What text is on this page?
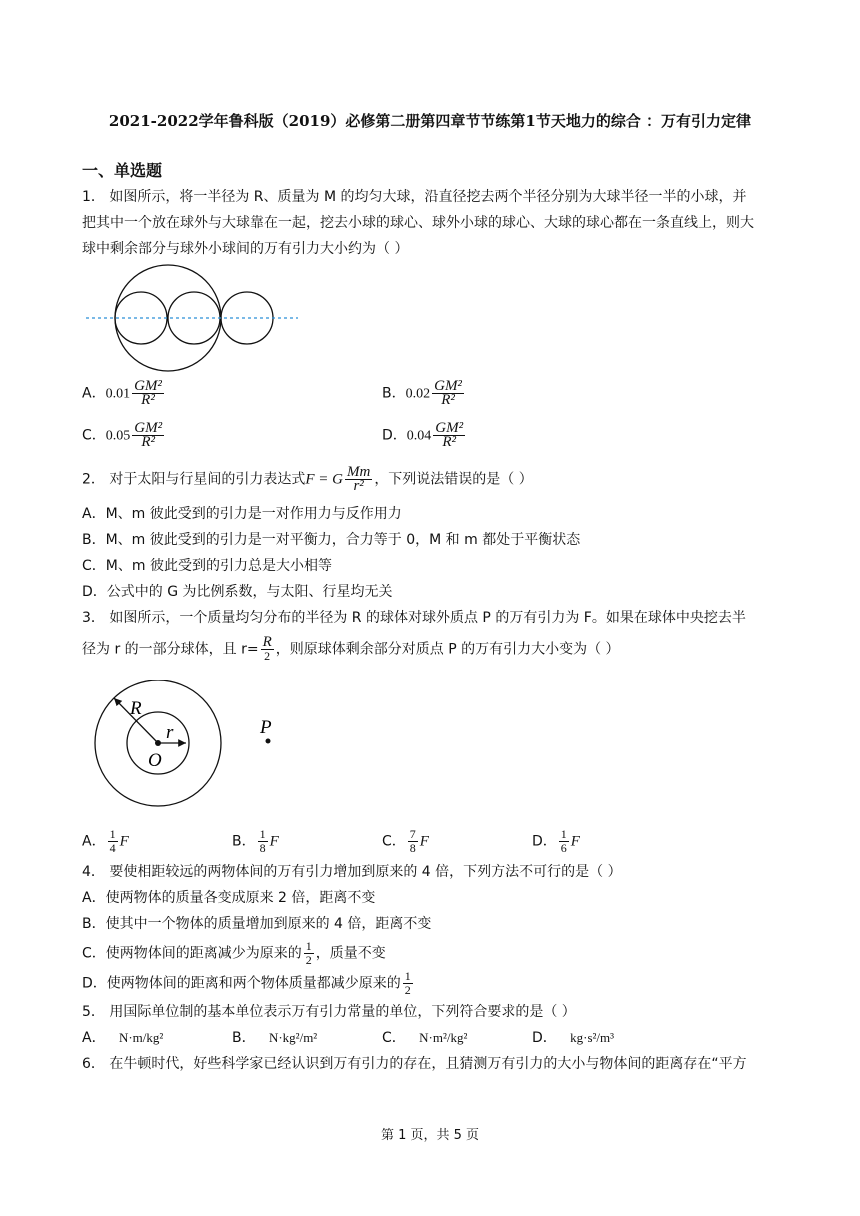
2021-2022学年鲁科版（2019）必修第二册第四章节节练第1节天地力的综合 ：万有引力定律
一、单选题
1． 如图所示，将一半径为 R、质量为 M 的均匀大球，沿直径挖去两个半径分别为大球半径一半的小球，并
把其中一个放在球外与大球靠在一起，挖去小球的球心、球外小球的球心、大球的球心都在一条直线上，则大
球中剩余部分与球外小球间的万有引力大小约为（ ）
A．$0.01 \frac{\text{GM²}}{\text{R²}}$	B．$0.02 \frac{\text{GM²}}{\text{R²}}$
C．$0.05 \frac{\text{GM²}}{\text{R²}}$	D．$0.04 \frac{\text{GM²}}{\text{R²}}$
2． 对于太阳与行星间的引力表达式F = G $\frac{Mm}{\text{r²}}$ ，下列说法错误的是（ ）
A．M、m 彼此受到的引力是一对作用力与反作用力
B．M、m 彼此受到的引力是一对平衡力，合力等于 0，M 和 m 都处于平衡状态
C．M、m 彼此受到的引力总是大小相等
D．公式中的 G 为比例系数，与太阳、行星均无关
3． 如图所示，一个质量均匀分布的半径为 R 的球体对球外质点 P 的万有引力为 F。如果在球体中央挖去半
径为 r 的一部分球体，且 $r= \frac{R}{2}$ ，则原球体剩余部分对质点 P 的万有引力大小变为（ ）
R
r
O
P
A． $\frac{1}{4}$ F	B． $\frac{1}{8}$ F	C． $\frac{7}{8}$ F	D． $\frac{1}{6}$ F
4． 要使相距较远的两物体间的万有引力增加到原来的 4 倍，下列方法不可行的是（ ）
A．使两物体的质量各变成原来 2 倍，距离不变
B．使其中一个物体的质量增加到原来的 4 倍，距离不变
C．使两物体间的距离减少为原来的 $\frac{1}{2}$ ，质量不变
D．使两物体间的距离和两个物体质量都减少原来的 $\frac{1}{2}$
5． 用国际单位制的基本单位表示万有引力常量的单位，下列符合要求的是（ ）
A． N·m/kg²	B． N·kg²/m²	C． N·m²/kg²	D． kg·s²/m³
6． 在牛顿时代，好些科学家已经认识到万有引力的存在，且猜测万有引力的大小与物体间的距离存在“平方
第 1 页，共 5 页
